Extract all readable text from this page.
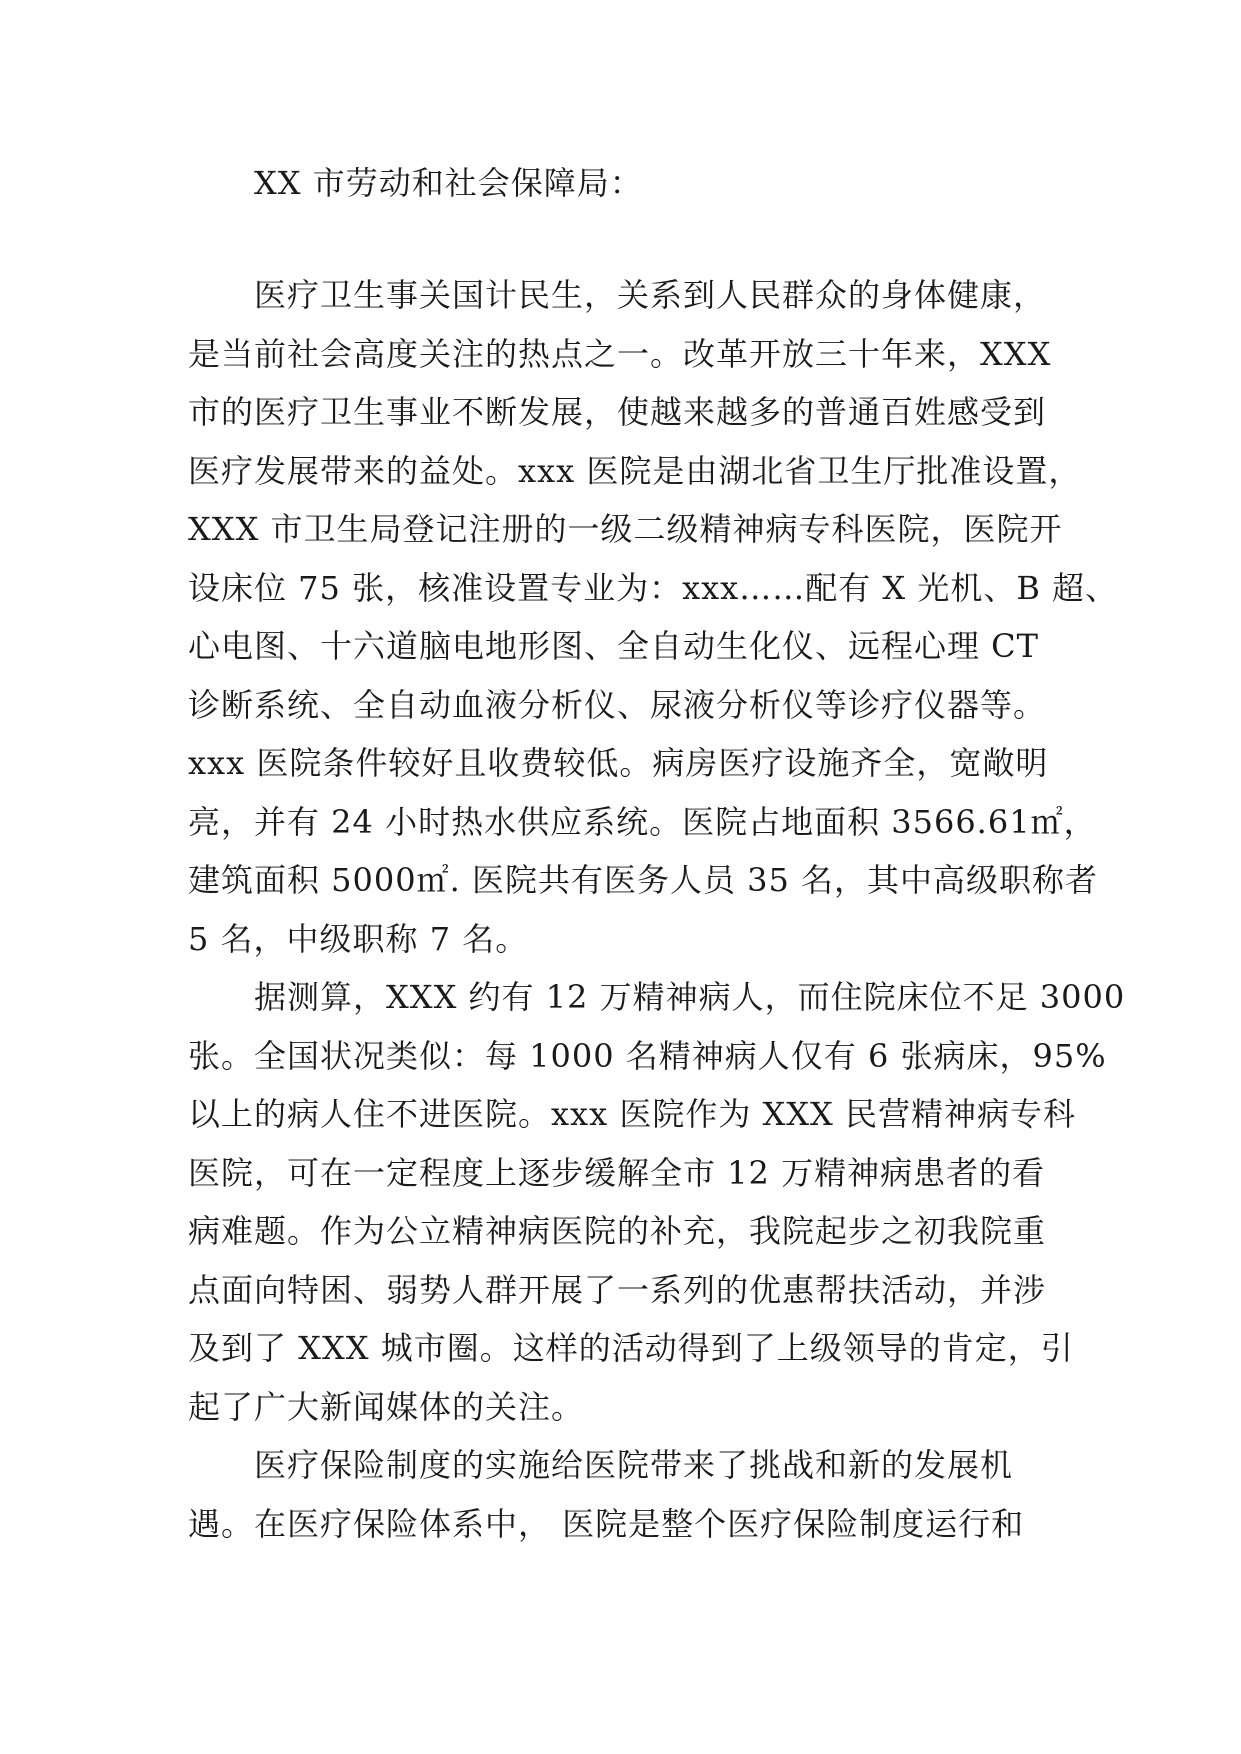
XX 市劳动和社会保障局：

医疗卫生事关国计民生，关系到人民群众的身体健康，
是当前社会高度关注的热点之一。改革开放三十年来，XXX
市的医疗卫生事业不断发展，使越来越多的普通百姓感受到
医疗发展带来的益处。xxx 医院是由湖北省卫生厅批准设置，
XXX 市卫生局登记注册的一级二级精神病专科医院，医院开
设床位 75 张，核准设置专业为：xxx……配有 X 光机、B 超、
心电图、十六道脑电地形图、全自动生化仪、远程心理 CT
诊断系统、全自动血液分析仪、尿液分析仪等诊疗仪器等。
xxx 医院条件较好且收费较低。病房医疗设施齐全，宽敞明
亮，并有 24 小时热水供应系统。医院占地面积 3566.61㎡，
建筑面积 5000㎡. 医院共有医务人员 35 名，其中高级职称者
5 名，中级职称 7 名。

据测算，XXX 约有 12 万精神病人，而住院床位不足 3000
张。全国状况类似：每 1000 名精神病人仅有 6 张病床，95%
以上的病人住不进医院。xxx 医院作为 XXX 民营精神病专科
医院，可在一定程度上逐步缓解全市 12 万精神病患者的看
病难题。作为公立精神病医院的补充，我院起步之初我院重
点面向特困、弱势人群开展了一系列的优惠帮扶活动，并涉
及到了 XXX 城市圈。这样的活动得到了上级领导的肯定，引
起了广大新闻媒体的关注。

医疗保险制度的实施给医院带来了挑战和新的发展机
遇。在医疗保险体系中， 医院是整个医疗保险制度运行和
